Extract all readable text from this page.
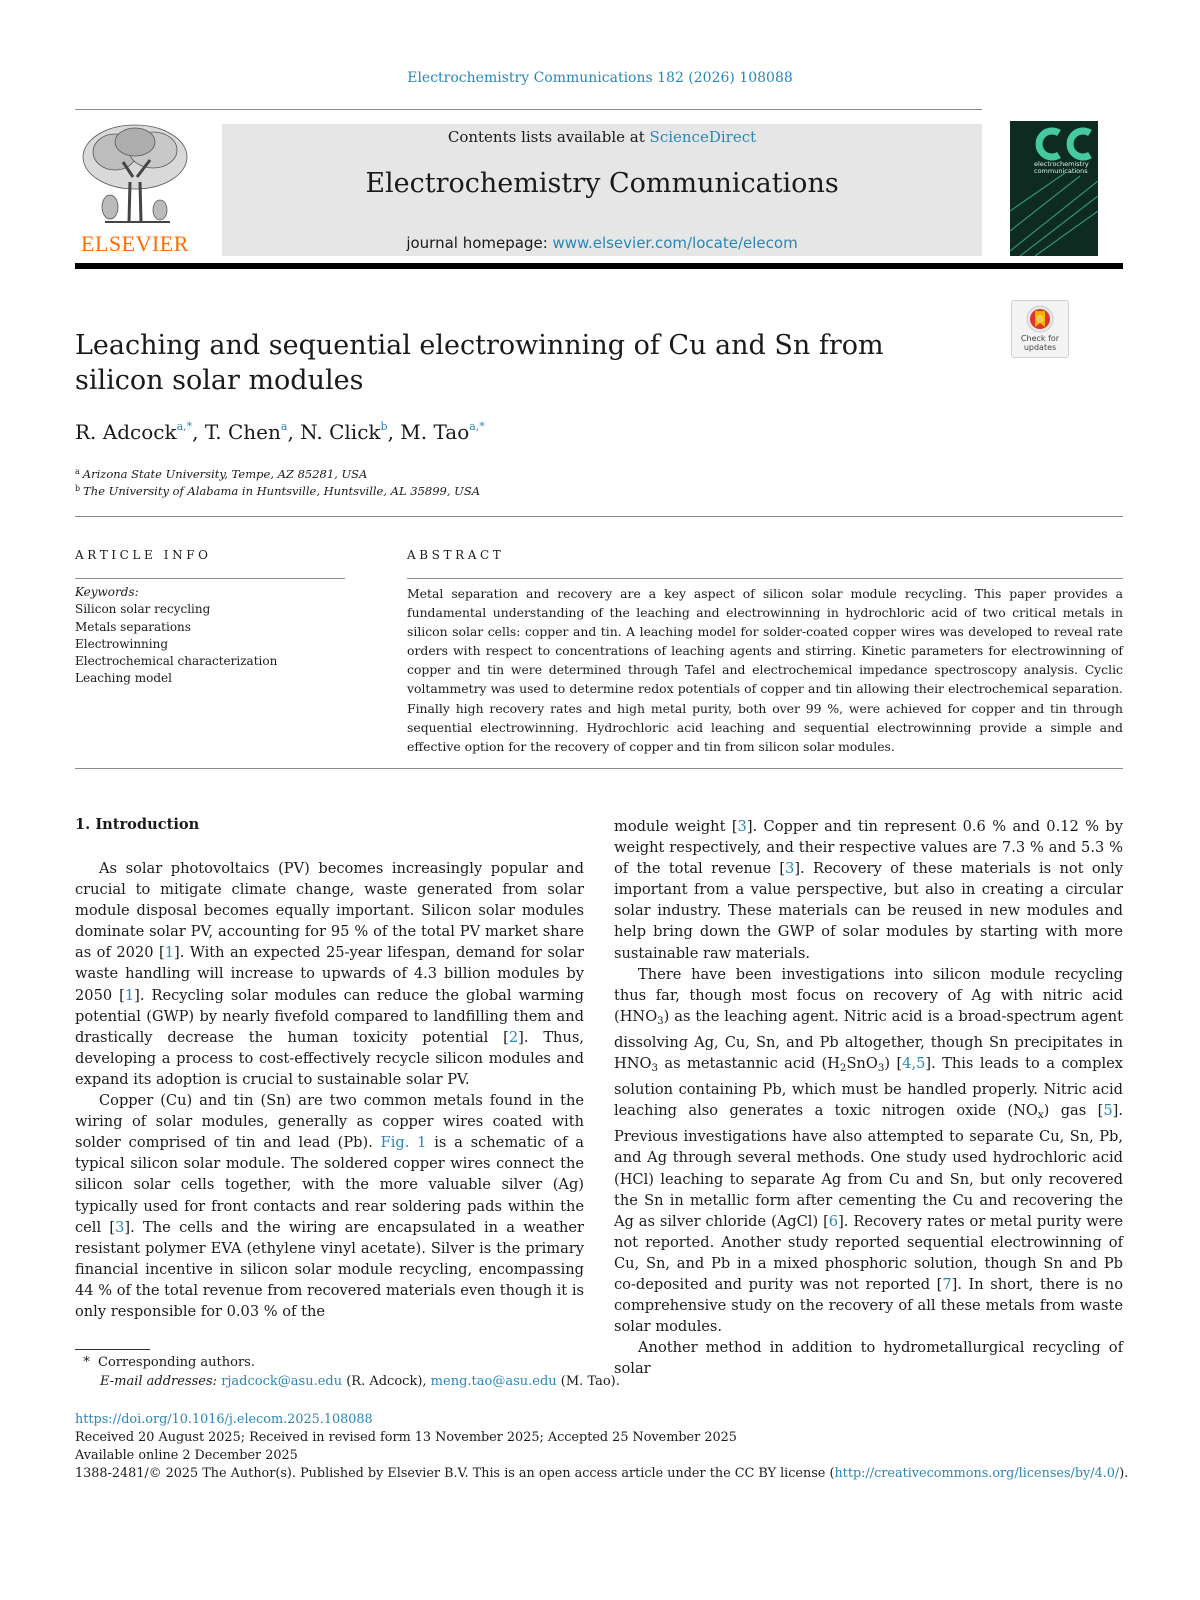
Electrochemistry Communications 182 (2026) 108088
ELSEVIER
Contents lists available at ScienceDirect
Electrochemistry Communications
journal homepage: www.elsevier.com/locate/elecom
electrochemistry communications
Check for updates
Leaching and sequential electrowinning of Cu and Sn from silicon solar modules
R. Adcock$^{a,*}$, T. Chen$^a$, N. Click$^b$, M. Tao$^{a,*}$
$^a$ Arizona State University, Tempe, AZ 85281, USA
$^b$ The University of Alabama in Huntsville, Huntsville, AL 35899, USA
ARTICLE INFO
Keywords:
Silicon solar recycling
Metals separations
Electrowinning
Electrochemical characterization
Leaching model
ABSTRACT
Metal separation and recovery are a key aspect of silicon solar module recycling. This paper provides a fundamental understanding of the leaching and electrowinning in hydrochloric acid of two critical metals in silicon solar cells: copper and tin. A leaching model for solder-coated copper wires was developed to reveal rate orders with respect to concentrations of leaching agents and stirring. Kinetic parameters for electrowinning of copper and tin were determined through Tafel and electrochemical impedance spectroscopy analysis. Cyclic voltammetry was used to determine redox potentials of copper and tin allowing their electrochemical separation. Finally high recovery rates and high metal purity, both over 99 %, were achieved for copper and tin through sequential electrowinning. Hydrochloric acid leaching and sequential electrowinning provide a simple and effective option for the recovery of copper and tin from silicon solar modules.
1. Introduction

As solar photovoltaics (PV) becomes increasingly popular and crucial to mitigate climate change, waste generated from solar module disposal becomes equally important. Silicon solar modules dominate solar PV, accounting for 95 % of the total PV market share as of 2020 [1]. With an expected 25-year lifespan, demand for solar waste handling will increase to upwards of 4.3 billion modules by 2050 [1]. Recycling solar modules can reduce the global warming potential (GWP) by nearly fivefold compared to landfilling them and drastically decrease the human toxicity potential [2]. Thus, developing a process to cost-effectively recycle silicon modules and expand its adoption is crucial to sustainable solar PV.

Copper (Cu) and tin (Sn) are two common metals found in the wiring of solar modules, generally as copper wires coated with solder comprised of tin and lead (Pb). Fig. 1 is a schematic of a typical silicon solar module. The soldered copper wires connect the silicon solar cells together, with the more valuable silver (Ag) typically used for front contacts and rear soldering pads within the cell [3]. The cells and the wiring are encapsulated in a weather resistant polymer EVA (ethylene vinyl acetate). Silver is the primary financial incentive in silicon solar module recycling, encompassing 44 % of the total revenue from recovered materials even though it is only responsible for 0.03 % of the

module weight [3]. Copper and tin represent 0.6 % and 0.12 % by weight respectively, and their respective values are 7.3 % and 5.3 % of the total revenue [3]. Recovery of these materials is not only important from a value perspective, but also in creating a circular solar industry. These materials can be reused in new modules and help bring down the GWP of solar modules by starting with more sustainable raw materials.

There have been investigations into silicon module recycling thus far, though most focus on recovery of Ag with nitric acid $(HNO_3)$ as the leaching agent. Nitric acid is a broad-spectrum agent dissolving Ag, Cu, Sn, and Pb altogether, though Sn precipitates in $HNO_3$ as metastannic acid $(H_2SnO_3)$ [4,5]. This leads to a complex solution containing Pb, which must be handled properly. Nitric acid leaching also generates a toxic nitrogen oxide $(NO_x)$ gas [5]. Previous investigations have also attempted to separate Cu, Sn, Pb, and Ag through several methods. One study used hydrochloric acid (HCl) leaching to separate Ag from Cu and Sn, but only recovered the Sn in metallic form after cementing the Cu and recovering the Ag as silver chloride (AgCl) [6]. Recovery rates or metal purity were not reported. Another study reported sequential electrowinning of Cu, Sn, and Pb in a mixed phosphoric solution, though Sn and Pb co-deposited and purity was not reported [7]. In short, there is no comprehensive study on the recovery of all these metals from waste solar modules.

Another method in addition to hydrometallurgical recycling of solar

*  Corresponding authors.
E-mail addresses: rjadcock@asu.edu (R. Adcock), meng.tao@asu.edu (M. Tao).
https://doi.org/10.1016/j.elecom.2025.108088
Received 20 August 2025; Received in revised form 13 November 2025; Accepted 25 November 2025
Available online 2 December 2025
1388-2481/© 2025 The Author(s). Published by Elsevier B.V. This is an open access article under the CC BY license (http://creativecommons.org/licenses/by/4.0/).
